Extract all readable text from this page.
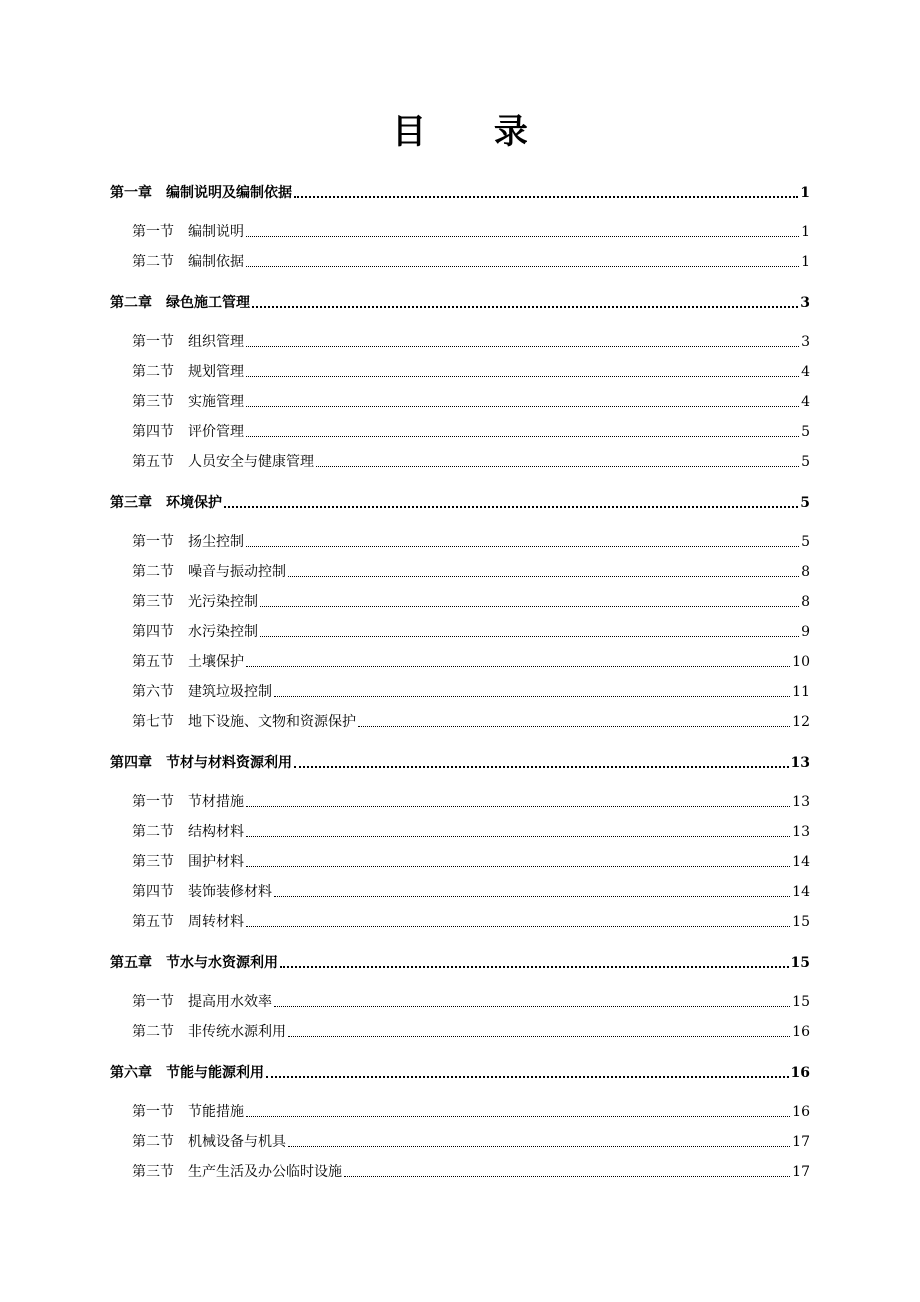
目 录
第一章 编制说明及编制依据	1
第一节 编制说明	1
第二节 编制依据	1
第二章 绿色施工管理	3
第一节 组织管理	3
第二节 规划管理	4
第三节 实施管理	4
第四节 评价管理	5
第五节 人员安全与健康管理	5
第三章 环境保护	5
第一节 扬尘控制	5
第二节 噪音与振动控制	8
第三节 光污染控制	8
第四节 水污染控制	9
第五节 土壤保护	10
第六节 建筑垃圾控制	11
第七节 地下设施、文物和资源保护	12
第四章 节材与材料资源利用	13
第一节 节材措施	13
第二节 结构材料	13
第三节 围护材料	14
第四节 装饰装修材料	14
第五节 周转材料	15
第五章 节水与水资源利用	15
第一节 提高用水效率	15
第二节 非传统水源利用	16
第六章 节能与能源利用	16
第一节 节能措施	16
第二节 机械设备与机具	17
第三节 生产生活及办公临时设施	17
